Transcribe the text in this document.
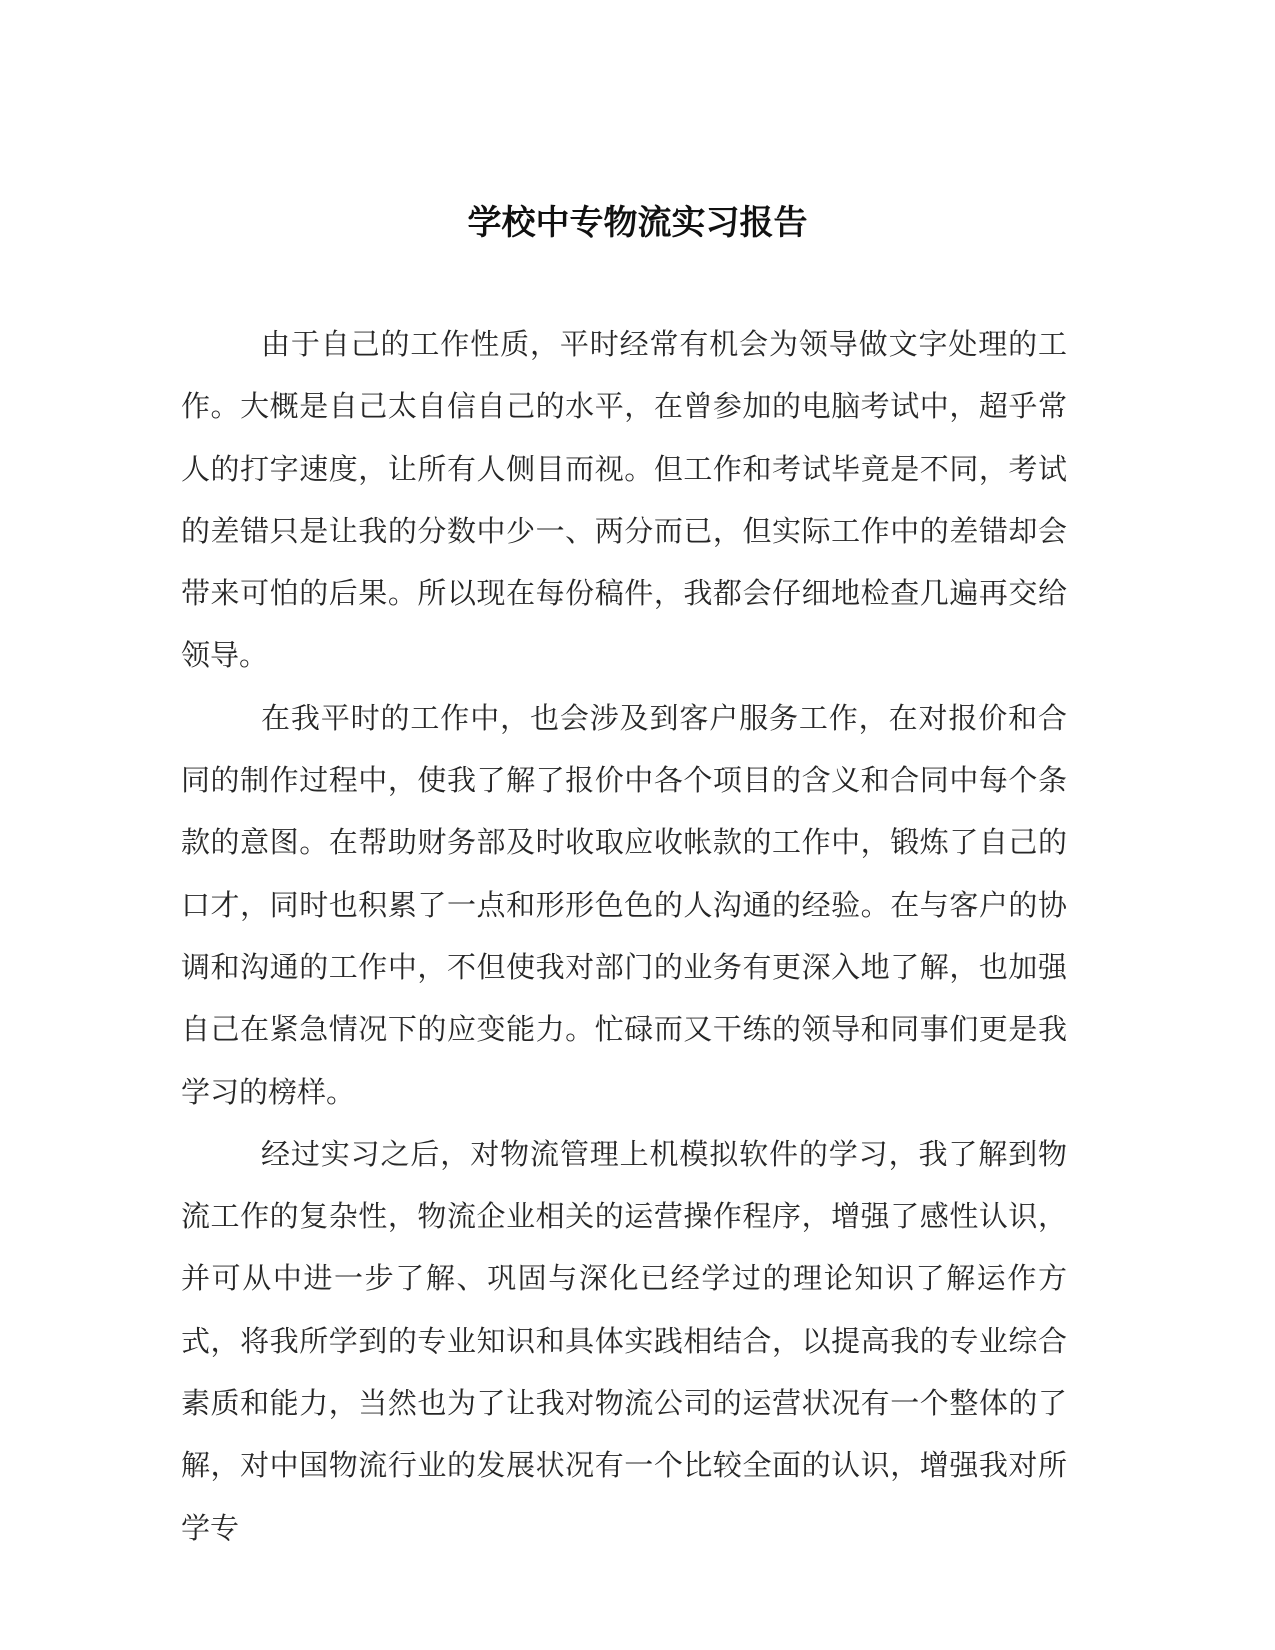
学校中专物流实习报告

由于自己的工作性质，平时经常有机会为领导做文字处理的工作。大概是自己太自信自己的水平，在曾参加的电脑考试中，超乎常人的打字速度，让所有人侧目而视。但工作和考试毕竟是不同，考试的差错只是让我的分数中少一、两分而已，但实际工作中的差错却会带来可怕的后果。所以现在每份稿件，我都会仔细地检查几遍再交给领导。

在我平时的工作中，也会涉及到客户服务工作，在对报价和合同的制作过程中，使我了解了报价中各个项目的含义和合同中每个条款的意图。在帮助财务部及时收取应收帐款的工作中，锻炼了自己的口才，同时也积累了一点和形形色色的人沟通的经验。在与客户的协调和沟通的工作中，不但使我对部门的业务有更深入地了解，也加强自己在紧急情况下的应变能力。忙碌而又干练的领导和同事们更是我学习的榜样。

经过实习之后，对物流管理上机模拟软件的学习，我了解到物流工作的复杂性，物流企业相关的运营操作程序，增强了感性认识，并可从中进一步了解、巩固与深化已经学过的理论知识了解运作方式，将我所学到的专业知识和具体实践相结合，以提高我的专业综合素质和能力，当然也为了让我对物流公司的运营状况有一个整体的了解，对中国物流行业的发展状况有一个比较全面的认识，增强我对所学专
